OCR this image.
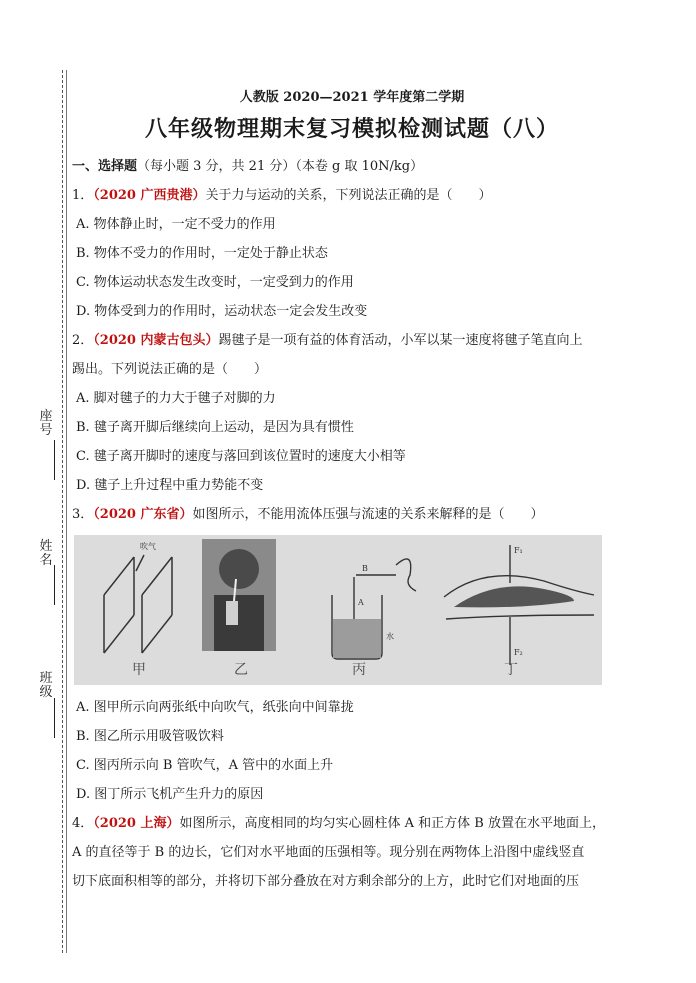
座号
姓名
班级
人教版 2020—2021 学年度第二学期
八年级物理期末复习模拟检测试题（八）
一、选择题（每小题 3 分，共 21 分）（本卷 g 取 10N/kg）
1．（2020 广西贵港）关于力与运动的关系，下列说法正确的是（　　）
A. 物体静止时，一定不受力的作用
B. 物体不受力的作用时，一定处于静止状态
C. 物体运动状态发生改变时，一定受到力的作用
D. 物体受到力的作用时，运动状态一定会发生改变
2．（2020 内蒙古包头）踢毽子是一项有益的体育活动，小军以某一速度将毽子笔直向上
踢出。下列说法正确的是（　　）
A. 脚对毽子的力大于毽子对脚的力
B. 毽子离开脚后继续向上运动，是因为具有惯性
C. 毽子离开脚时的速度与落回到该位置时的速度大小相等
D. 毽子上升过程中重力势能不变
3．（2020 广东省）如图所示，不能用流体压强与流速的关系来解释的是（　　）
吹气
B
A
水
F₁
F₂
甲	乙	丙	丁
A. 图甲所示向两张纸中向吹气，纸张向中间靠拢
B. 图乙所示用吸管吸饮料
C. 图丙所示向 B 管吹气，A 管中的水面上升
D. 图丁所示飞机产生升力的原因
4．（2020 上海）如图所示，高度相同的均匀实心圆柱体 A 和正方体 B 放置在水平地面上，
A 的直径等于 B 的边长，它们对水平地面的压强相等。现分别在两物体上沿图中虚线竖直
切下底面积相等的部分，并将切下部分叠放在对方剩余部分的上方，此时它们对地面的压
